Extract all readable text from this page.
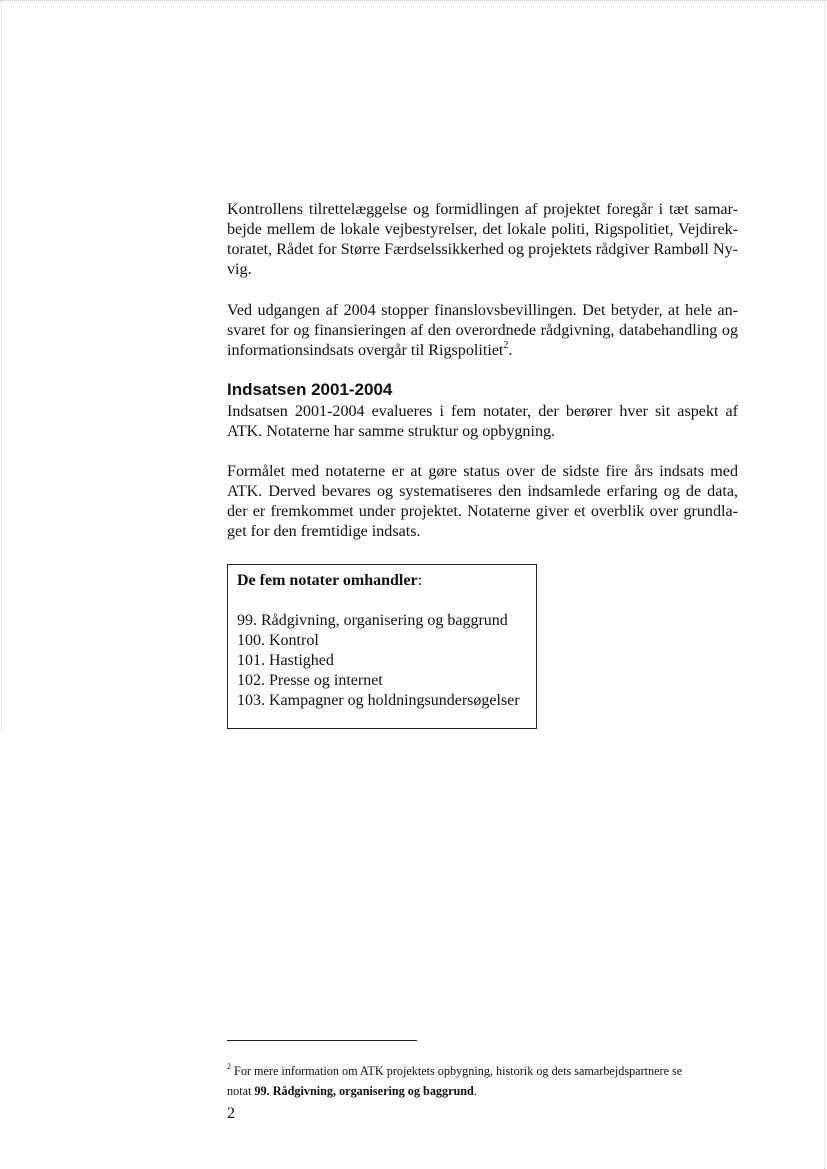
Kontrollens tilrettelæggelse og formidlingen af projektet foregår i tæt samar-
bejde mellem de lokale vejbestyrelser, det lokale politi, Rigspolitiet, Vejdirek-
toratet, Rådet for Større Færdselssikkerhed og projektets rådgiver Rambøll Ny-
vig.

Ved udgangen af 2004 stopper finanslovsbevillingen. Det betyder, at hele an-
svaret for og finansieringen af den overordnede rådgivning, databehandling og
informationsindsats overgår til Rigspolitiet$^2$.

Indsatsen 2001-2004

Indsatsen 2001-2004 evalueres i fem notater, der berører hver sit aspekt af
ATK. Notaterne har samme struktur og opbygning.

Formålet med notaterne er at gøre status over de sidste fire års indsats med
ATK. Derved bevares og systematiseres den indsamlede erfaring og de data,
der er fremkommet under projektet. Notaterne giver et overblik over grundla-
get for den fremtidige indsats.

De fem notater omhandler:

99. Rådgivning, organisering og baggrund
100. Kontrol
101. Hastighed
102. Presse og internet
103. Kampagner og holdningsundersøgelser
$^2$ For mere information om ATK projektets opbygning, historik og dets samarbejdspartnere se
notat 99. Rådgivning, organisering og baggrund.
2
